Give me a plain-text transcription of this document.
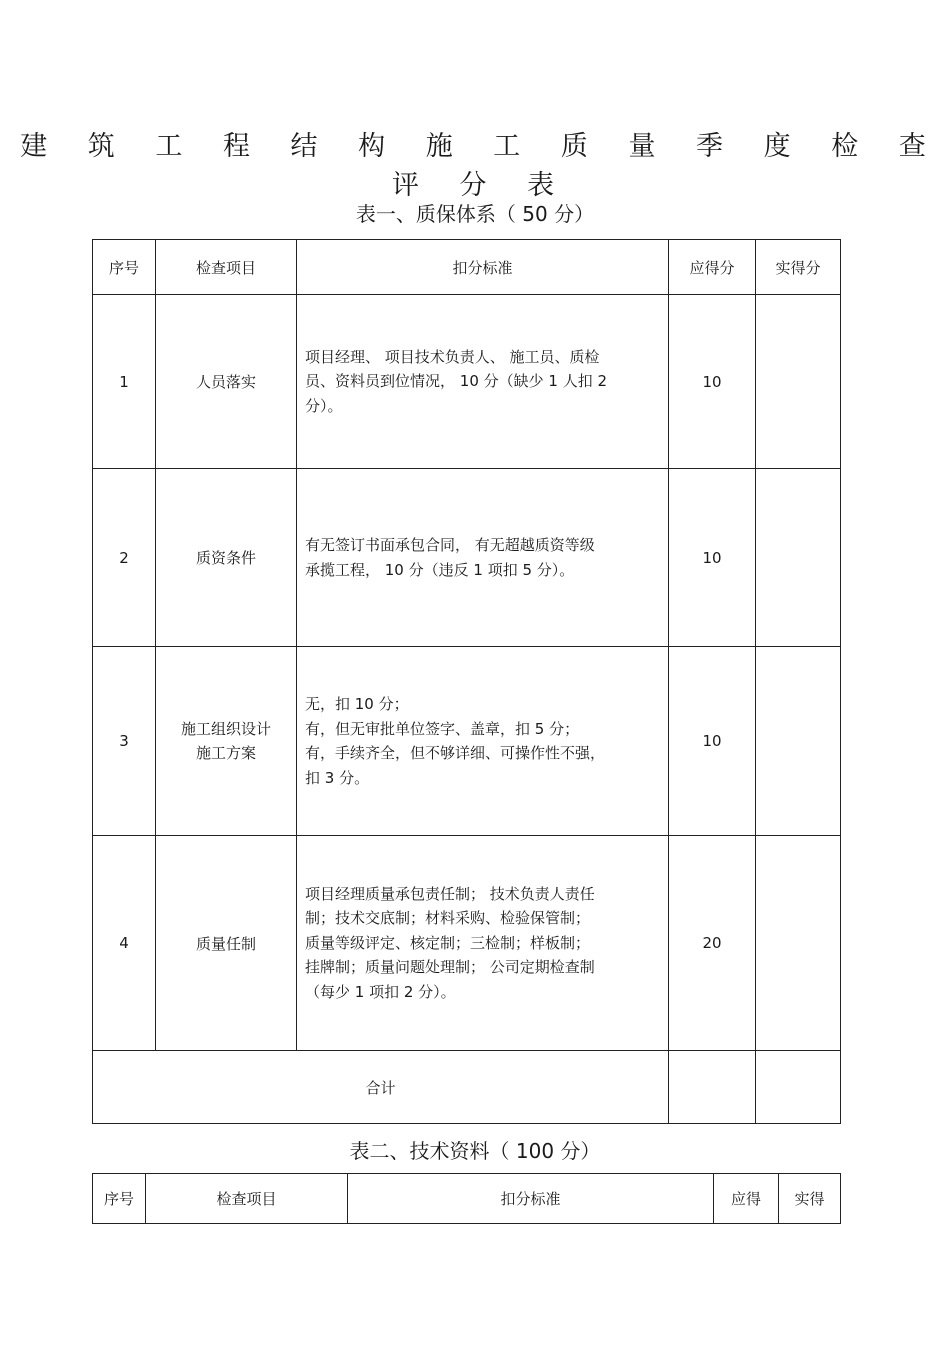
建 筑 工 程 结 构 施 工 质 量 季 度 检 查 评 分 表
表一、质保体系（ 50 分）
序号	检查项目	扣分标准	应得分	实得分
1	人员落实	项目经理、 项目技术负责人、 施工员、质检
员、资料员到位情况， 10 分（缺少 1 人扣 2
分）。	10	
2	质资条件	有无签订书面承包合同， 有无超越质资等级
承揽工程， 10 分（违反 1 项扣 5 分）。	10	
3	施工组织设计
施工方案	无，扣 10 分；
有，但无审批单位签字、盖章，扣 5 分；
有，手续齐全，但不够详细、可操作性不强，
扣 3 分。	10	
4	质量任制	项目经理质量承包责任制； 技术负责人责任
制；技术交底制；材料采购、检验保管制；
质量等级评定、核定制；三检制；样板制；
挂牌制；质量问题处理制； 公司定期检查制
（每少 1 项扣 2 分）。	20	
合计				
表二、技术资料（ 100 分）
序号	检查项目	扣分标准	应得	实得
